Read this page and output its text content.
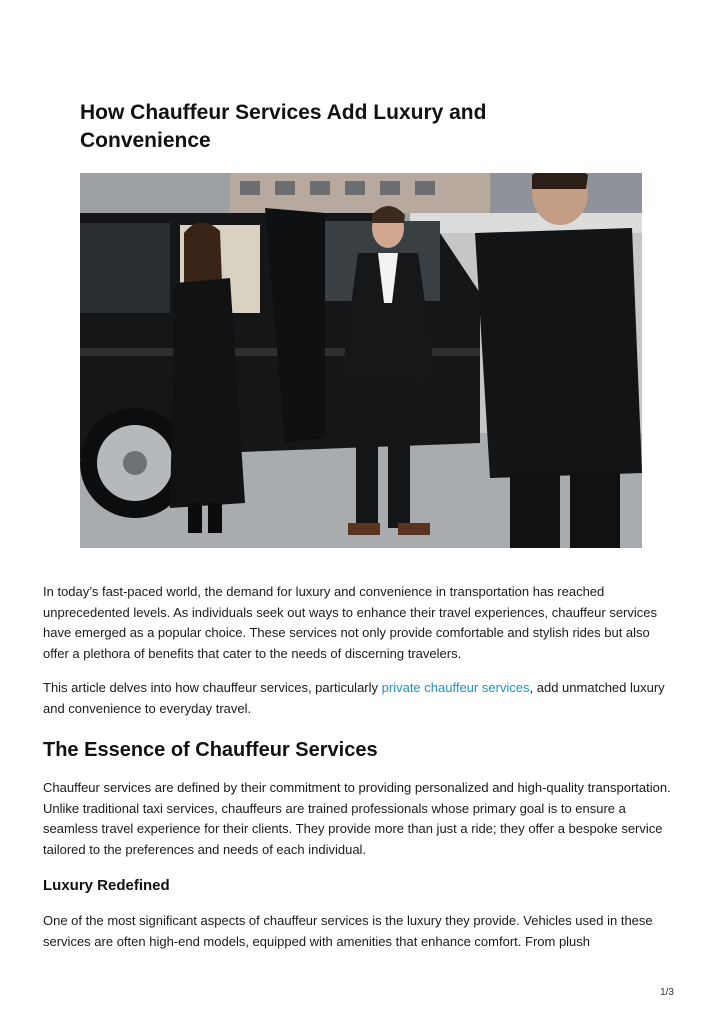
How Chauffeur Services Add Luxury and Convenience

In today’s fast-paced world, the demand for luxury and convenience in transportation has reached unprecedented levels. As individuals seek out ways to enhance their travel experiences, chauffeur services have emerged as a popular choice. These services not only provide comfortable and stylish rides but also offer a plethora of benefits that cater to the needs of discerning travelers.

This article delves into how chauffeur services, particularly private chauffeur services, add unmatched luxury and convenience to everyday travel.

The Essence of Chauffeur Services

Chauffeur services are defined by their commitment to providing personalized and high-quality transportation. Unlike traditional taxi services, chauffeurs are trained professionals whose primary goal is to ensure a seamless travel experience for their clients. They provide more than just a ride; they offer a bespoke service tailored to the preferences and needs of each individual.

Luxury Redefined

One of the most significant aspects of chauffeur services is the luxury they provide. Vehicles used in these services are often high-end models, equipped with amenities that enhance comfort. From plush

1/3
